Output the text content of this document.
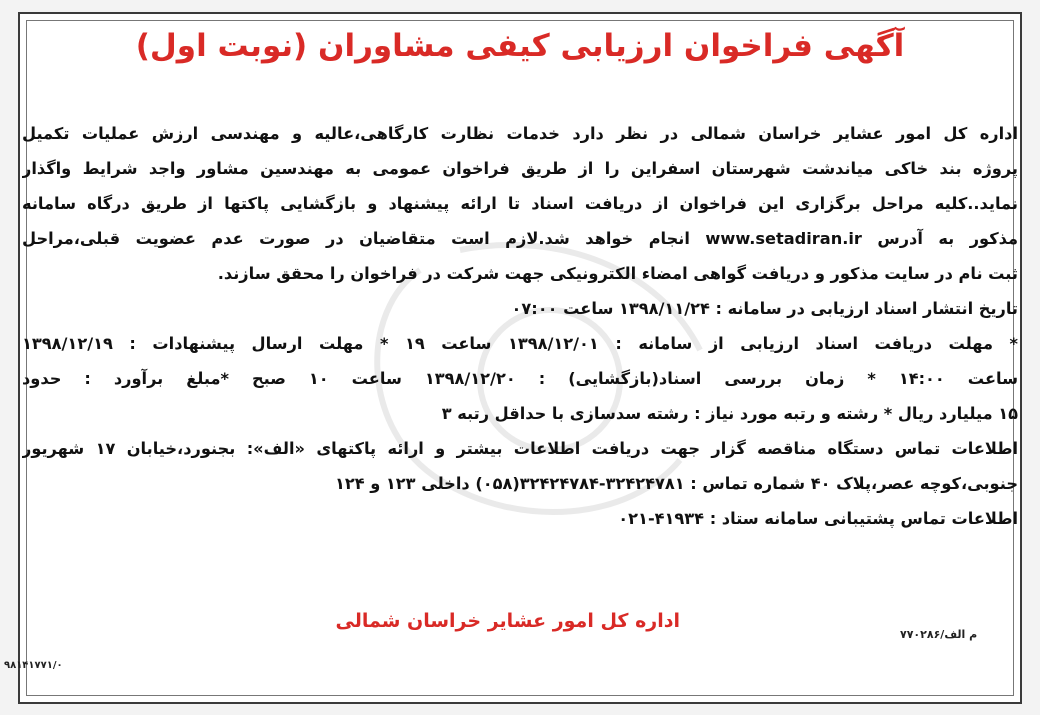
آگهی فراخوان ارزیابی کیفی مشاوران (نوبت اول)
اداره کل امور عشایر خراسان شمالی در نظر دارد خدمات نظارت کارگاهی،عالیه و مهندسی ارزش عملیات تکمیل
پروژه بند خاکی میاندشت شهرستان اسفراین را از طریق فراخوان عمومی به مهندسین مشاور واجد شرایط واگذار
نماید..کلیه مراحل برگزاری این فراخوان از دریافت اسناد تا ارائه پیشنهاد و بازگشایی پاکتها از طریق درگاه سامانه
مذکور به آدرس www.setadiran.ir انجام خواهد شد.لازم است متقاضیان در صورت عدم عضویت قبلی،مراحل
ثبت نام در سایت مذکور و دریافت گواهی امضاء الکترونیکی جهت شرکت در فراخوان را محقق سازند.
تاریخ انتشار اسناد ارزیابی در سامانه : ۱۳۹۸/۱۱/۲۴ ساعت ۰۷:۰۰
* مهلت دریافت اسناد ارزیابی از سامانه : ۱۳۹۸/۱۲/۰۱ ساعت ۱۹ * مهلت ارسال پیشنهادات : ۱۳۹۸/۱۲/۱۹
ساعت ۱۴:۰۰ * زمان بررسی اسناد(بازگشایی) : ۱۳۹۸/۱۲/۲۰ ساعت ۱۰ صبح *مبلغ برآورد : حدود
۱۵ میلیارد ریال * رشته و رتبه مورد نیاز : رشته سدسازی با حداقل رتبه ۳
اطلاعات تماس دستگاه مناقصه گزار جهت دریافت اطلاعات بیشتر و ارائه پاکتهای «الف»: بجنورد،خیابان ۱۷ شهریور
جنوبی،کوچه عصر،پلاک ۴۰ شماره تماس : ۳۲۴۲۴۷۸۱-۳۲۴۲۴۷۸۴(۰۵۸) داخلی ۱۲۳ و ۱۲۴
اطلاعات تماس پشتیبانی سامانه ستاد : ۴۱۹۳۴-۰۲۱
اداره کل امور عشایر خراسان شمالی
۷۷۰۲۸۶/م الف
۹۸۱۴۱۷۷۱/۰
